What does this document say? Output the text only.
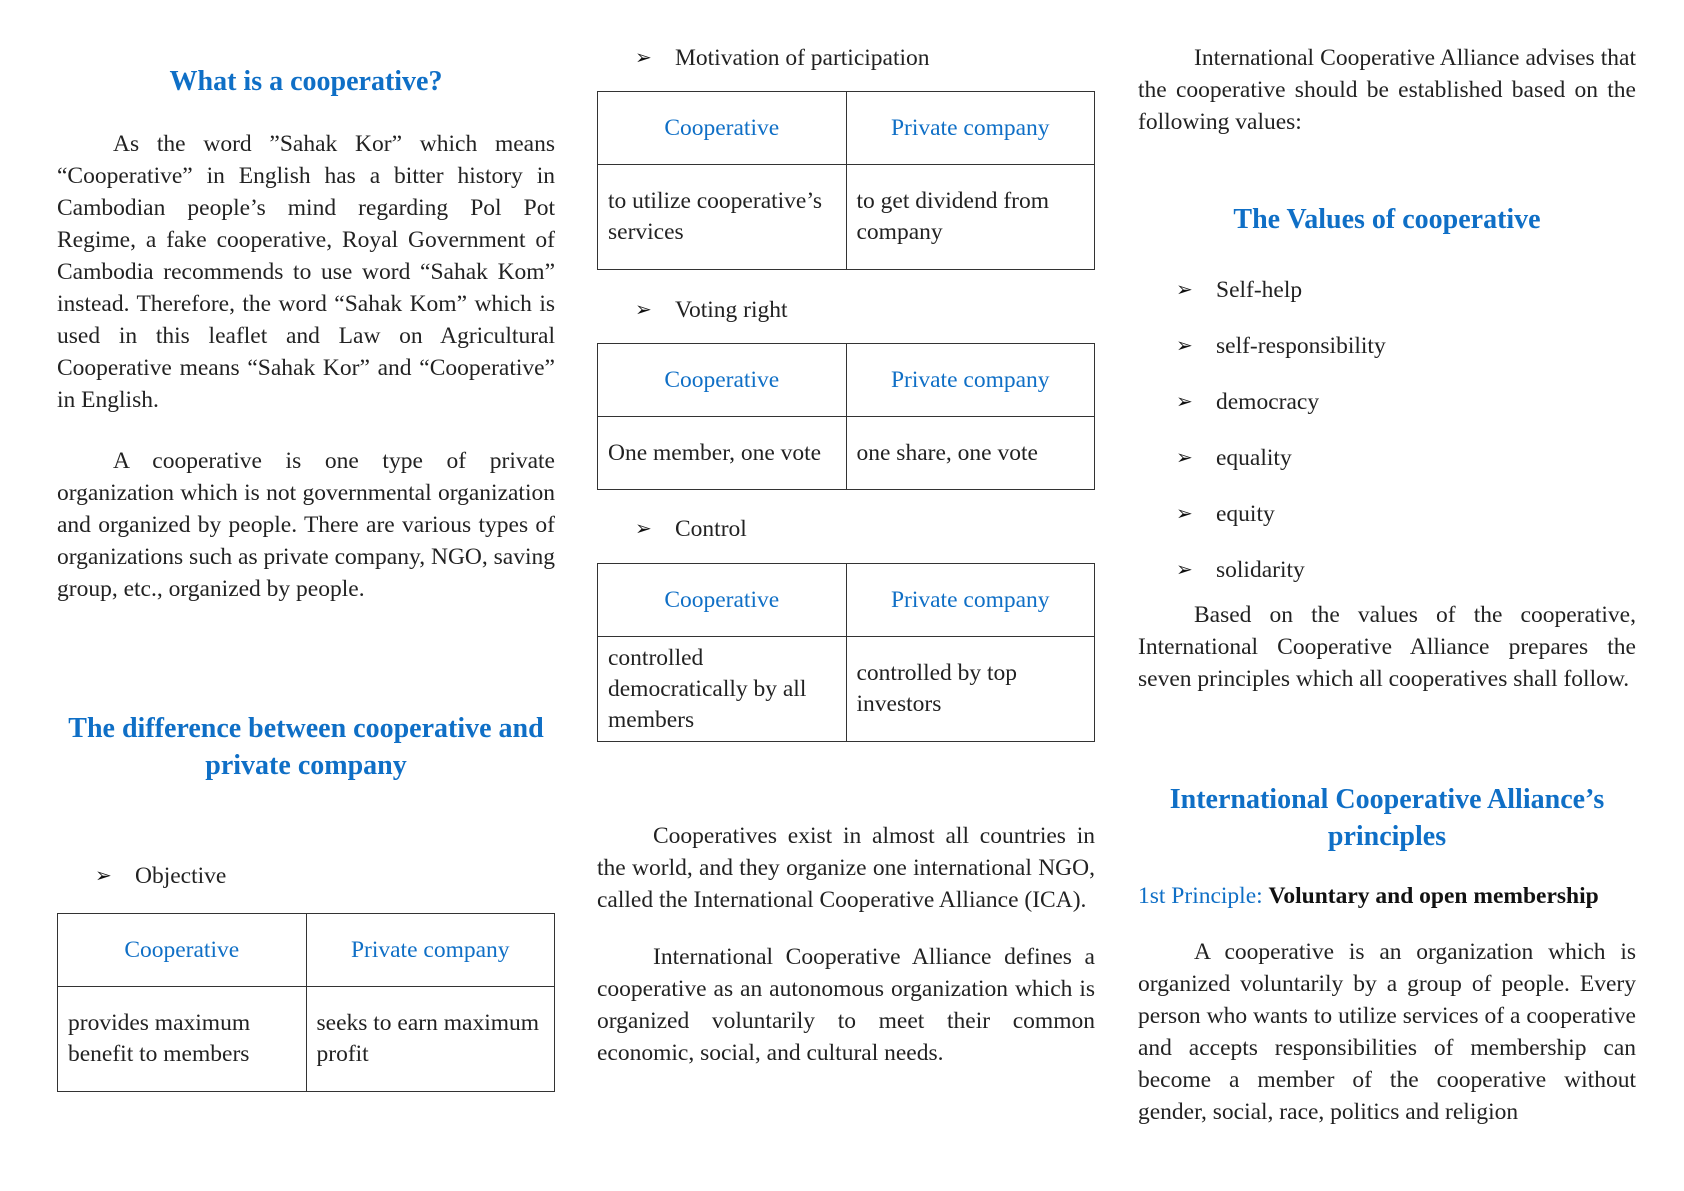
What is a cooperative?

As the word ”Sahak Kor” which means “Cooperative” in English has a bitter history in Cambodian people’s mind regarding Pol Pot Regime, a fake cooperative, Royal Government of Cambodia recommends to use word “Sahak Kom” instead. Therefore, the word “Sahak Kom” which is used in this leaflet and Law on Agricultural Cooperative means “Sahak Kor” and “Cooperative” in English.

A cooperative is one type of private organization which is not governmental organization and organized by people. There are various types of organizations such as private company, NGO, saving group, etc., organized by people.

The difference between cooperative and
private company
➢ Objective
Cooperative	Private company
provides maximum benefit to members	seeks to earn maximum profit
➢ Motivation of participation
Cooperative	Private company
to utilize cooperative’s services	to get dividend from company
➢ Voting right
Cooperative	Private company
One member, one vote	one share, one vote
➢ Control
Cooperative	Private company
controlled democratically by all members	controlled by top investors

Cooperatives exist in almost all countries in the world, and they organize one international NGO, called the International Cooperative Alliance (ICA).

International Cooperative Alliance defines a cooperative as an autonomous organization which is organized voluntarily to meet their common economic, social, and cultural needs.

International Cooperative Alliance advises that the cooperative should be established based on the following values:

The Values of cooperative
➢ Self-help
➢ self-responsibility
➢ democracy
➢ equality
➢ equity
➢ solidarity

Based on the values of the cooperative, International Cooperative Alliance prepares the seven principles which all cooperatives shall follow.

International Cooperative Alliance’s
principles

1st Principle: Voluntary and open membership

A cooperative is an organization which is organized voluntarily by a group of people. Every person who wants to utilize services of a cooperative and accepts responsibilities of membership can become a member of the cooperative without gender, social, race, politics and religion
